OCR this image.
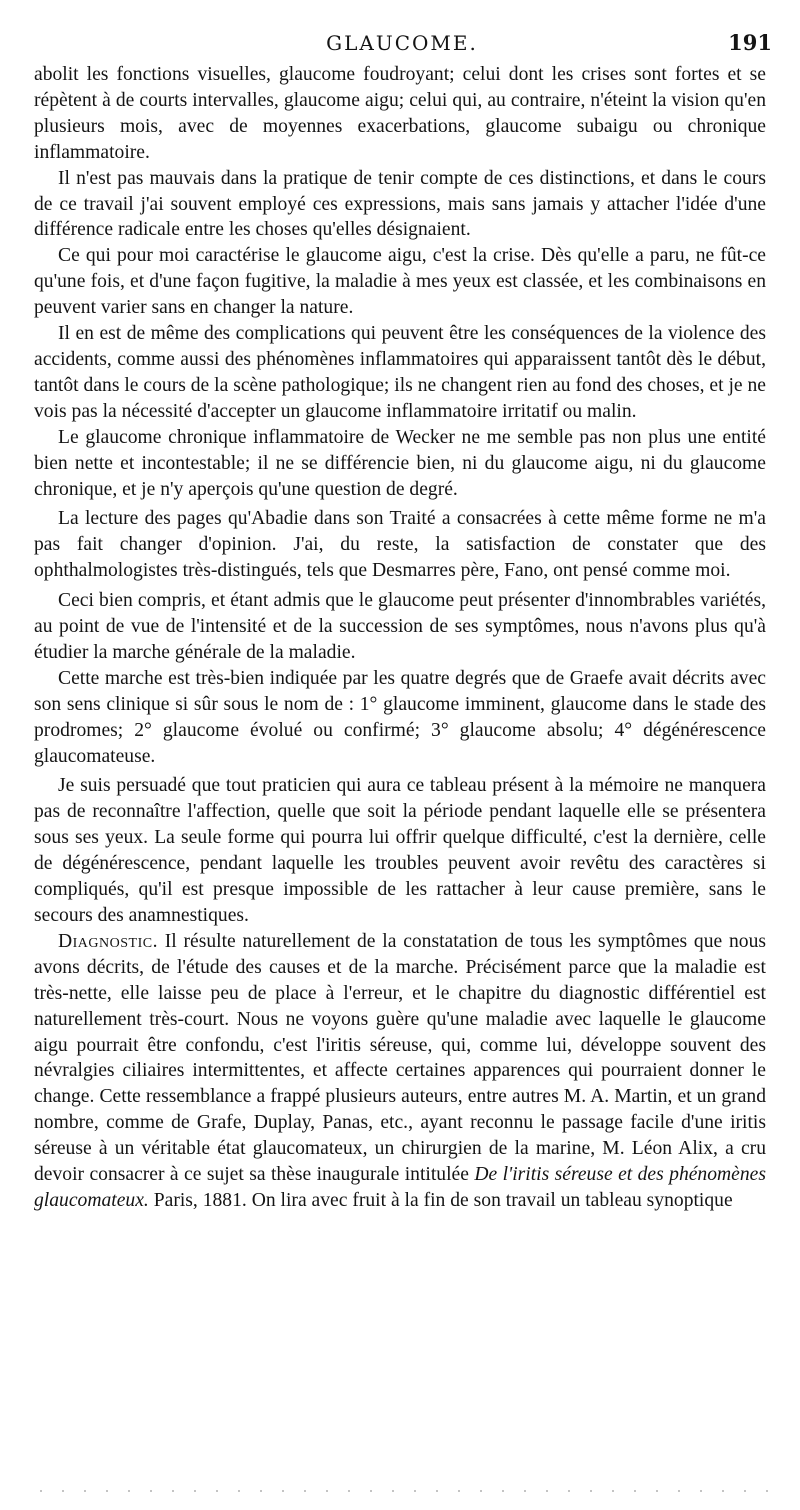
GLAUCOME.	191

abolit les fonctions visuelles, glaucome foudroyant; celui dont les crises sont fortes et se répètent à de courts intervalles, glaucome aigu; celui qui, au contraire, n'éteint la vision qu'en plusieurs mois, avec de moyennes exacerbations, glaucome subaigu ou chronique inflammatoire.

Il n'est pas mauvais dans la pratique de tenir compte de ces distinctions, et dans le cours de ce travail j'ai souvent employé ces expressions, mais sans jamais y attacher l'idée d'une différence radicale entre les choses qu'elles désignaient.

Ce qui pour moi caractérise le glaucome aigu, c'est la crise. Dès qu'elle a paru, ne fût-ce qu'une fois, et d'une façon fugitive, la maladie à mes yeux est classée, et les combinaisons en peuvent varier sans en changer la nature.

Il en est de même des complications qui peuvent être les conséquences de la violence des accidents, comme aussi des phénomènes inflammatoires qui apparaissent tantôt dès le début, tantôt dans le cours de la scène pathologique; ils ne changent rien au fond des choses, et je ne vois pas la nécessité d'accepter un glaucome inflammatoire irritatif ou malin.

Le glaucome chronique inflammatoire de Wecker ne me semble pas non plus une entité bien nette et incontestable; il ne se différencie bien, ni du glaucome aigu, ni du glaucome chronique, et je n'y aperçois qu'une question de degré.

La lecture des pages qu'Abadie dans son Traité a consacrées à cette même forme ne m'a pas fait changer d'opinion. J'ai, du reste, la satisfaction de constater que des ophthalmologistes très-distingués, tels que Desmarres père, Fano, ont pensé comme moi.

Ceci bien compris, et étant admis que le glaucome peut présenter d'innombrables variétés, au point de vue de l'intensité et de la succession de ses symptômes, nous n'avons plus qu'à étudier la marche générale de la maladie.

Cette marche est très-bien indiquée par les quatre degrés que de Graefe avait décrits avec son sens clinique si sûr sous le nom de : 1° glaucome imminent, glaucome dans le stade des prodromes; 2° glaucome évolué ou confirmé; 3° glaucome absolu; 4° dégénérescence glaucomateuse.

Je suis persuadé que tout praticien qui aura ce tableau présent à la mémoire ne manquera pas de reconnaître l'affection, quelle que soit la période pendant laquelle elle se présentera sous ses yeux. La seule forme qui pourra lui offrir quelque difficulté, c'est la dernière, celle de dégénérescence, pendant laquelle les troubles peuvent avoir revêtu des caractères si compliqués, qu'il est presque impossible de les rattacher à leur cause première, sans le secours des anamnestiques.

Diagnostic. Il résulte naturellement de la constatation de tous les symptômes que nous avons décrits, de l'étude des causes et de la marche. Précisément parce que la maladie est très-nette, elle laisse peu de place à l'erreur, et le chapitre du diagnostic différentiel est naturellement très-court. Nous ne voyons guère qu'une maladie avec laquelle le glaucome aigu pourrait être confondu, c'est l'iritis séreuse, qui, comme lui, développe souvent des névralgies ciliaires intermittentes, et affecte certaines apparences qui pourraient donner le change. Cette ressemblance a frappé plusieurs auteurs, entre autres M. A. Martin, et un grand nombre, comme de Grafe, Duplay, Panas, etc., ayant reconnu le passage facile d'une iritis séreuse à un véritable état glaucomateux, un chirurgien de la marine, M. Léon Alix, a cru devoir consacrer à ce sujet sa thèse inaugurale intitulée De l'iritis séreuse et des phénomènes glaucomateux. Paris, 1881. On lira avec fruit à la fin de son travail un tableau synoptique
